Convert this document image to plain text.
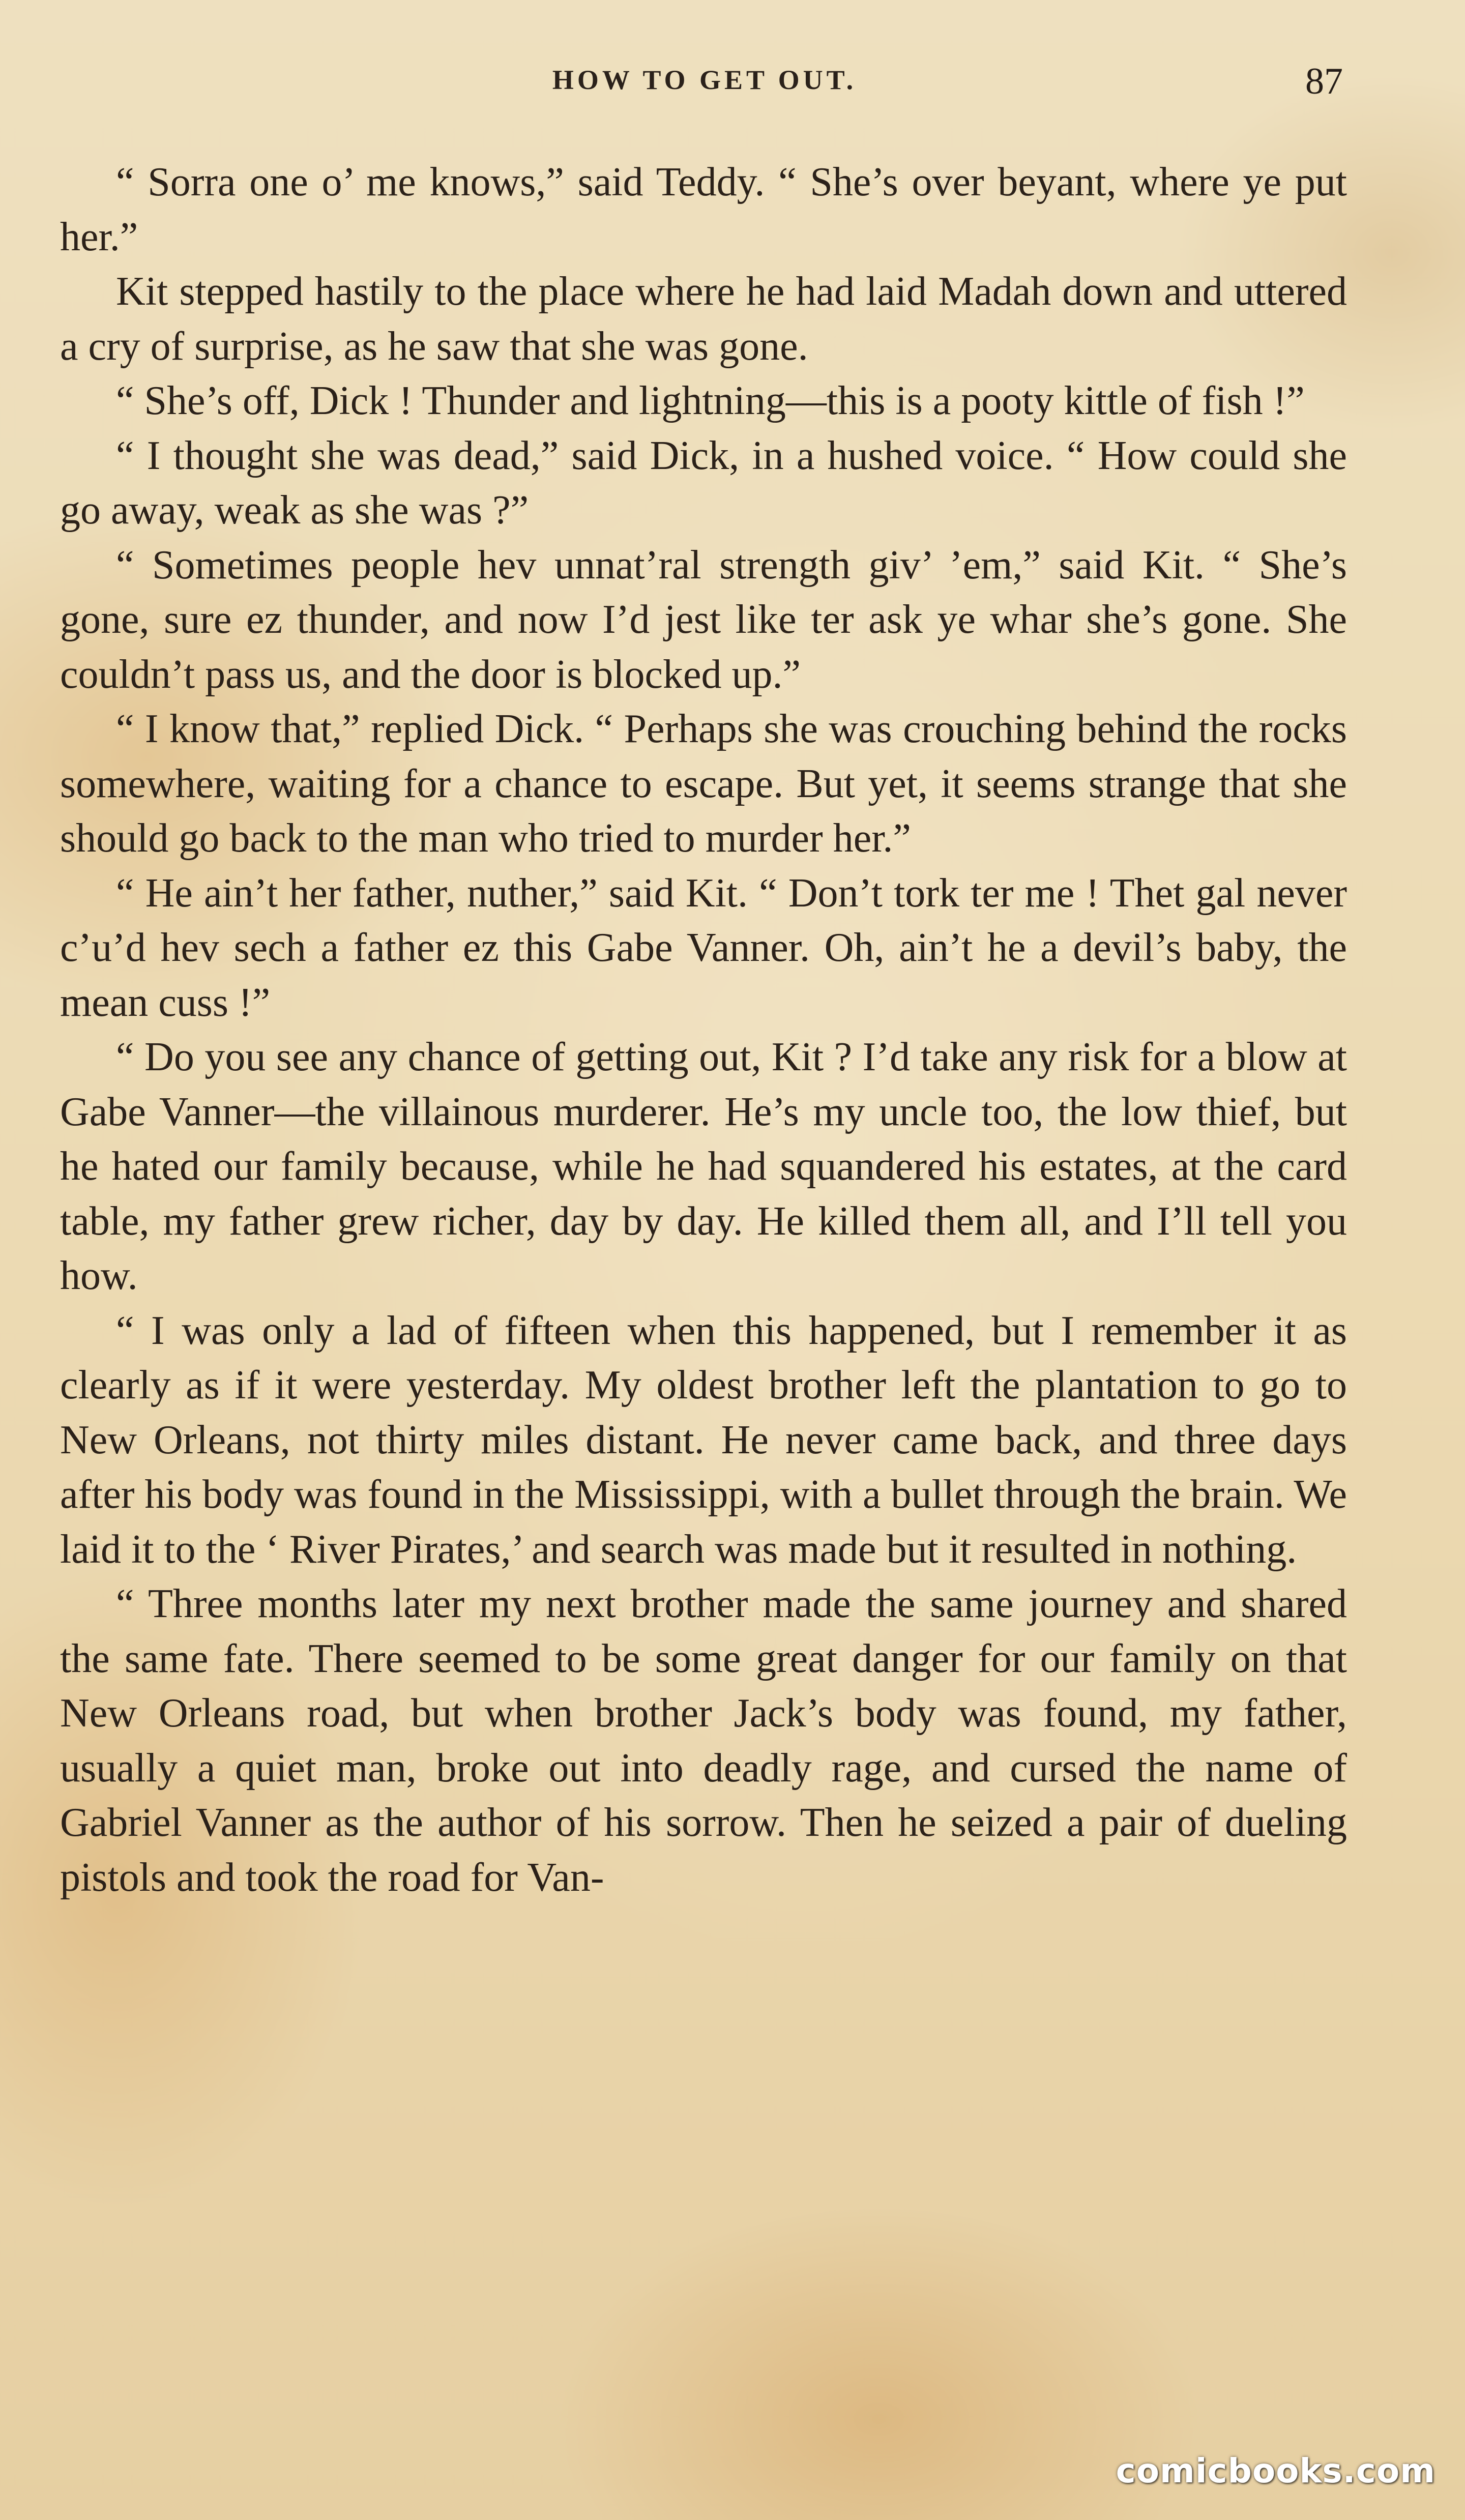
HOW TO GET OUT.	87

“ Sorra one o’ me knows,” said Teddy. “ She’s over beyant, where ye put her.”

Kit stepped hastily to the place where he had laid Madah down and uttered a cry of surprise, as he saw that she was gone.

“ She’s off, Dick ! Thunder and lightning—this is a pooty kittle of fish !”

“ I thought she was dead,” said Dick, in a hushed voice. “ How could she go away, weak as she was ?”

“ Sometimes people hev unnat’ral strength giv’ ’em,” said Kit. “ She’s gone, sure ez thunder, and now I’d jest like ter ask ye whar she’s gone. She couldn’t pass us, and the door is blocked up.”

“ I know that,” replied Dick. “ Perhaps she was crouching behind the rocks somewhere, waiting for a chance to escape. But yet, it seems strange that she should go back to the man who tried to murder her.”

“ He ain’t her father, nuther,” said Kit. “ Don’t tork ter me ! Thet gal never c’u’d hev sech a father ez this Gabe Vanner. Oh, ain’t he a devil’s baby, the mean cuss !”

“ Do you see any chance of getting out, Kit ? I’d take any risk for a blow at Gabe Vanner—the villainous murderer. He’s my uncle too, the low thief, but he hated our family because, while he had squandered his estates, at the card table, my father grew richer, day by day. He killed them all, and I’ll tell you how.

“ I was only a lad of fifteen when this happened, but I remember it as clearly as if it were yesterday. My oldest brother left the plantation to go to New Orleans, not thirty miles distant. He never came back, and three days after his body was found in the Mississippi, with a bullet through the brain. We laid it to the ‘ River Pirates,’ and search was made but it resulted in nothing.

“ Three months later my next brother made the same journey and shared the same fate. There seemed to be some great danger for our family on that New Orleans road, but when brother Jack’s body was found, my father, usually a quiet man, broke out into deadly rage, and cursed the name of Gabriel Vanner as the author of his sorrow. Then he seized a pair of dueling pistols and took the road for Van-

comicbooks.com
